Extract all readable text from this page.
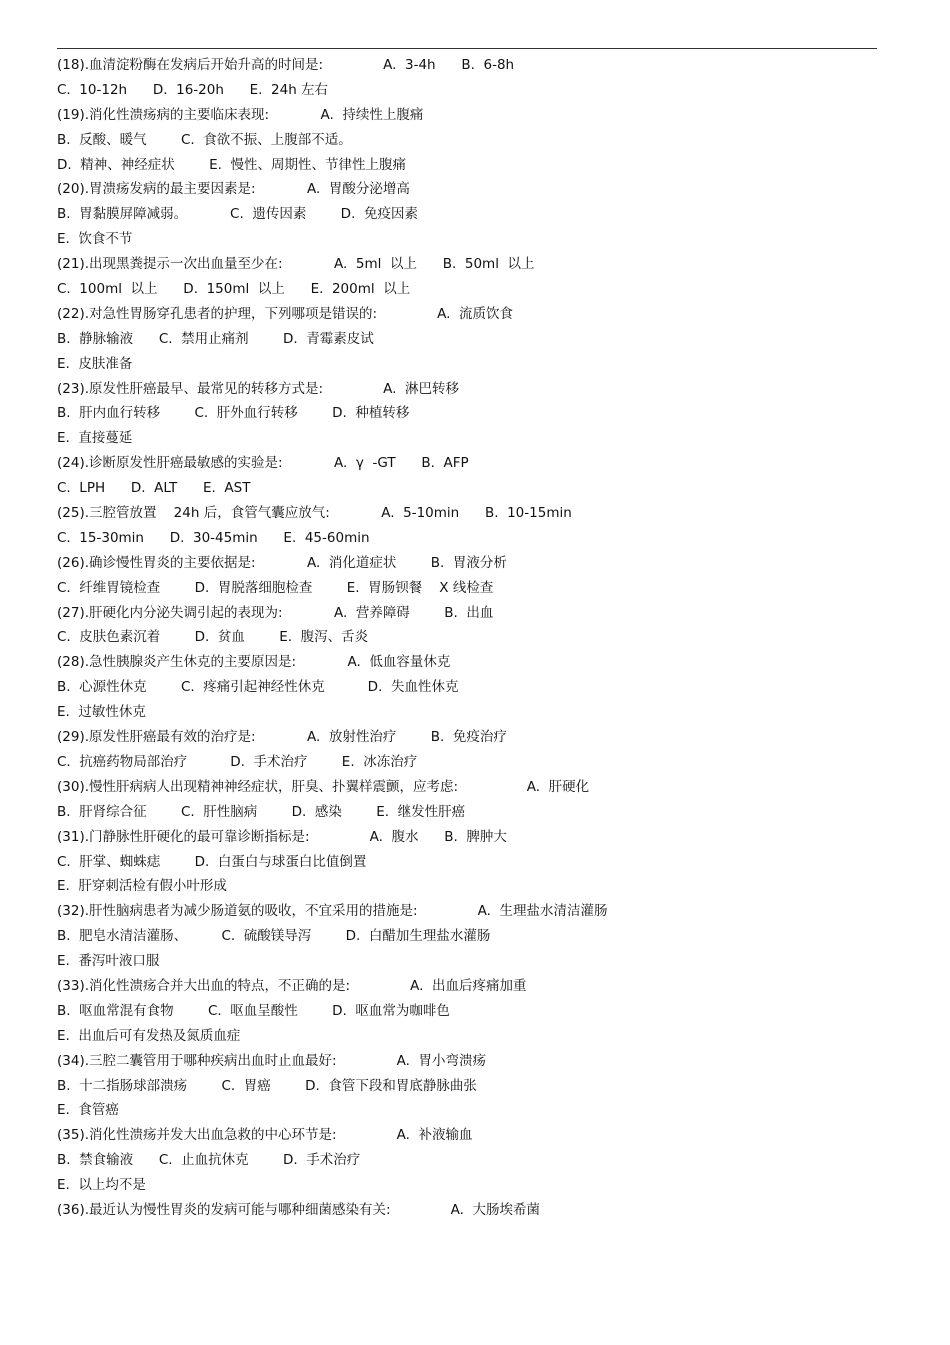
(18).血清淀粉酶在发病后开始升高的时间是:              A.  3-4h      B.  6-8h
C.  10-12h      D.  16-20h      E.  24h 左右
(19).消化性溃疡病的主要临床表现:            A.  持续性上腹痛
B.  反酸、暖气        C.  食欲不振、上腹部不适。
D.  精神、神经症状        E.  慢性、周期性、节律性上腹痛
(20).胃溃疡发病的最主要因素是:            A.  胃酸分泌增高
B.  胃黏膜屏障减弱。          C.  遗传因素        D.  免疫因素
E.  饮食不节
(21).出现黑粪提示一次出血量至少在:            A.  5ml  以上      B.  50ml  以上
C.  100ml  以上      D.  150ml  以上      E.  200ml  以上
(22).对急性胃肠穿孔患者的护理，下列哪项是错误的:              A.  流质饮食
B.  静脉输液      C.  禁用止痛剂        D.  青霉素皮试
E.  皮肤准备
(23).原发性肝癌最早、最常见的转移方式是:              A.  淋巴转移
B.  肝内血行转移        C.  肝外血行转移        D.  种植转移
E.  直接蔓延
(24).诊断原发性肝癌最敏感的实验是:            A.  γ  -GT      B.  AFP
C.  LPH      D.  ALT      E.  AST
(25).三腔管放置    24h 后，食管气囊应放气:            A.  5-10min      B.  10-15min
C.  15-30min      D.  30-45min      E.  45-60min
(26).确诊慢性胃炎的主要依据是:            A.  消化道症状        B.  胃液分析
C.  纤维胃镜检查        D.  胃脱落细胞检查        E.  胃肠钡餐    X 线检查
(27).肝硬化内分泌失调引起的表现为:            A.  营养障碍        B.  出血
C.  皮肤色素沉着        D.  贫血        E.  腹泻、舌炎
(28).急性胰腺炎产生休克的主要原因是:            A.  低血容量休克
B.  心源性休克        C.  疼痛引起神经性休克          D.  失血性休克
E.  过敏性休克
(29).原发性肝癌最有效的治疗是:            A.  放射性治疗        B.  免疫治疗
C.  抗癌药物局部治疗          D.  手术治疗        E.  冰冻治疗
(30).慢性肝病病人出现精神神经症状，肝臭、扑翼样震颤，应考虑:                A.  肝硬化
B.  肝肾综合征        C.  肝性脑病        D.  感染        E.  继发性肝癌
(31).门静脉性肝硬化的最可靠诊断指标是:              A.  腹水      B.  脾肿大
C.  肝掌、蜘蛛痣        D.  白蛋白与球蛋白比值倒置
E.  肝穿刺活检有假小叶形成
(32).肝性脑病患者为减少肠道氨的吸收，不宜采用的措施是:              A.  生理盐水清洁灌肠
B.  肥皂水清洁灌肠、        C.  硫酸镁导泻        D.  白醋加生理盐水灌肠
E.  番泻叶液口服
(33).消化性溃疡合并大出血的特点，不正确的是:              A.  出血后疼痛加重
B.  呕血常混有食物        C.  呕血呈酸性        D.  呕血常为咖啡色
E.  出血后可有发热及氮质血症
(34).三腔二囊管用于哪种疾病出血时止血最好:              A.  胃小弯溃疡
B.  十二指肠球部溃疡        C.  胃癌        D.  食管下段和胃底静脉曲张
E.  食管癌
(35).消化性溃疡并发大出血急救的中心环节是:              A.  补液输血
B.  禁食输液      C.  止血抗休克        D.  手术治疗
E.  以上均不是
(36).最近认为慢性胃炎的发病可能与哪种细菌感染有关:              A.  大肠埃希菌
